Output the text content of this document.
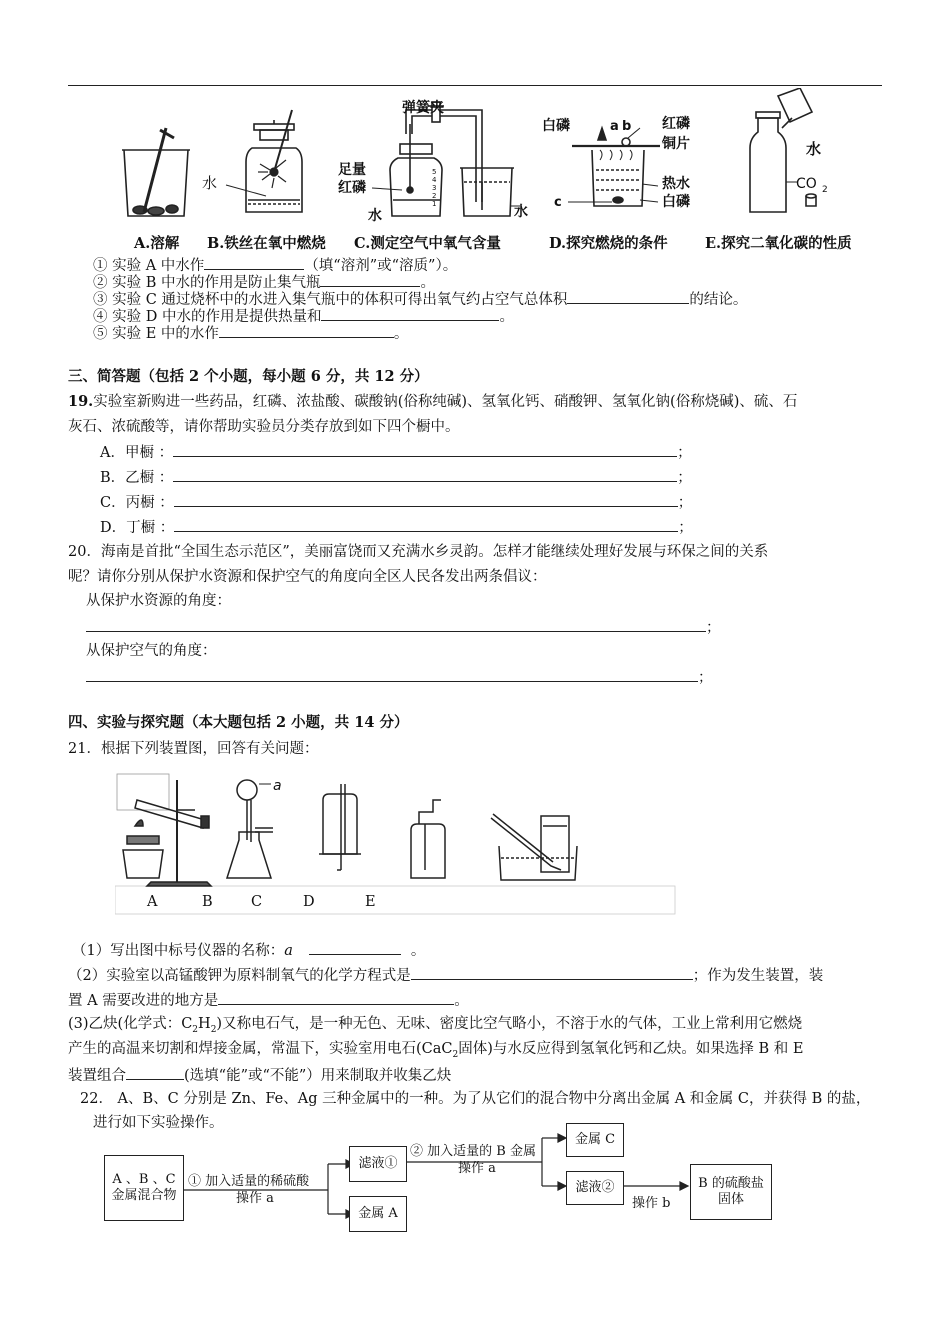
水
弹簧夹
足量
红磷
水	水
5
4
3
2
1
白磷	a b 红磷
铜片
热水
白磷
c
水
CO 2
A.溶解 B.铁丝在氧中燃烧 C.测定空气中氧气含量	D.探究燃烧的条件	E.探究二氧化碳的性质
① 实验 A 中水作	（填“溶剂”或“溶质”）。
② 实验 B 中水的作用是防止集气瓶	。
③ 实验 C 通过烧杯中的水进入集气瓶中的体积可得出氧气约占空气总体积	的结论。
④ 实验 D 中水的作用是提供热量和	。
⑤ 实验 E 中的水作	。
三、简答题（包括 2 个小题，每小题 6 分，共 12 分）
19.实验室新购进一些药品，红磷、浓盐酸、碳酸钠(俗称纯碱)、氢氧化钙、硝酸钾、氢氧化钠(俗称烧碱)、硫、石
灰石、浓硫酸等，请你帮助实验员分类存放到如下四个橱中。
A．甲橱 ：	；
B．乙橱 ：	；
C．丙橱 ：	；
D．丁橱 ：	；
20．海南是首批“全国生态示范区”，美丽富饶而又充满水乡灵韵。怎样才能继续处理好发展与环保之间的关系
呢？请你分别从保护水资源和保护空气的角度向全区人民各发出两条倡议：
从保护水资源的角度：
；
从保护空气的角度：
；
四、实验与探究题（本大题包括 2 小题，共 14 分）
21．根据下列装置图，回答有关问题：
a
A	B	C	D	E
（1）写出图中标号仪器的名称：a	。
（2）实验室以高锰酸钾为原料制氧气的化学方程式是	；作为发生装置，装
置 A 需要改进的地方是	。
(3)乙炔(化学式：$C_2H_2$)又称电石气，是一种无色、无味、密度比空气略小，不溶于水的气体，工业上常利用它燃烧
产生的高温来切割和焊接金属，常温下，实验室用电石(CaC$_2$固体)与水反应得到氢氧化钙和乙炔。如果选择 B 和 E
装置组合	(选填“能”或“不能”）用来制取并收集乙炔
22． A、B、C 分别是 Zn、Fe、Ag 三种金属中的一种。为了从它们的混合物中分离出金属 A 和金属 C，并获得 B 的盐，
进行如下实验操作。
A 、B 、C
金属混合物
① 加入适量的稀硫酸
操作 a
滤液①
金属 A
② 加入适量的 B 金属
操作 a
金属 C
滤液②
操作 b
B 的硫酸盐
固体
